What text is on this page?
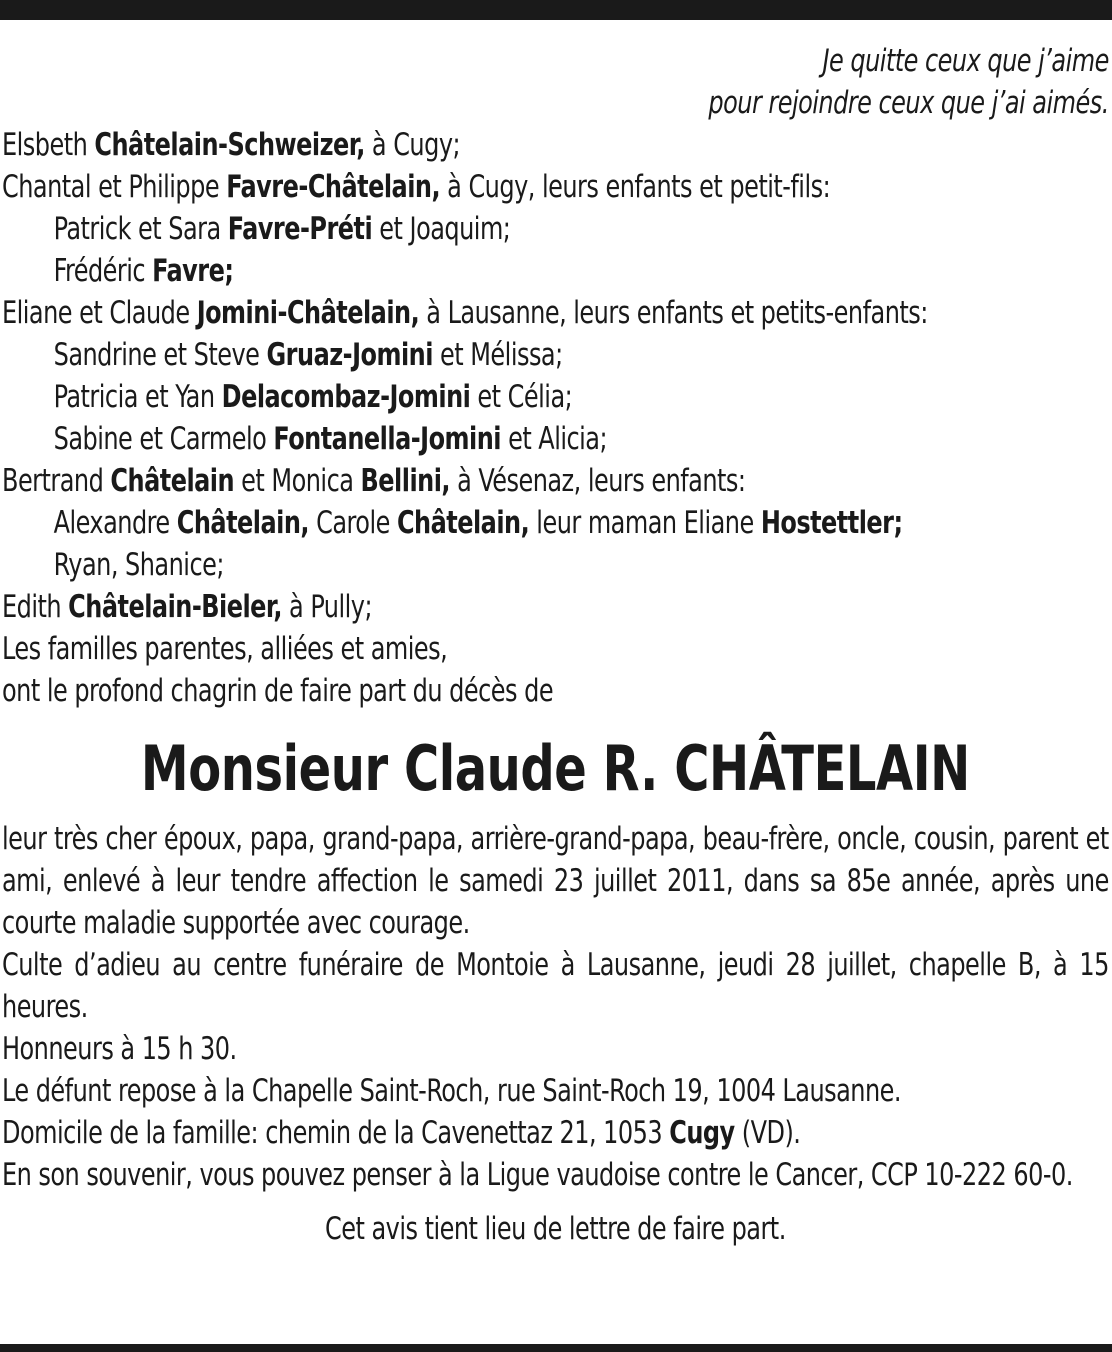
Je quitte ceux que j’aime
pour rejoindre ceux que j’ai aimés.
Elsbeth Châtelain-Schweizer, à Cugy;
Chantal et Philippe Favre-Châtelain, à Cugy, leurs enfants et petit-fils:
Patrick et Sara Favre-Préti et Joaquim;
Frédéric Favre;
Eliane et Claude Jomini-Châtelain, à Lausanne, leurs enfants et petits-enfants:
Sandrine et Steve Gruaz-Jomini et Mélissa;
Patricia et Yan Delacombaz-Jomini et Célia;
Sabine et Carmelo Fontanella-Jomini et Alicia;
Bertrand Châtelain et Monica Bellini, à Vésenaz, leurs enfants:
Alexandre Châtelain, Carole Châtelain, leur maman Eliane Hostettler;
Ryan, Shanice;
Edith Châtelain-Bieler, à Pully;
Les familles parentes, alliées et amies,
ont le profond chagrin de faire part du décès de
Monsieur Claude R. CHÂTELAIN
leur très cher époux, papa, grand-papa, arrière-grand-papa, beau-frère, oncle, cousin, parent et ami, enlevé à leur tendre affection le samedi 23 juillet 2011, dans sa 85e année, après une courte maladie supportée avec courage.
Culte d’adieu au centre funéraire de Montoie à Lausanne, jeudi 28 juillet, chapelle B, à 15 heures.
Honneurs à 15 h 30.
Le défunt repose à la Chapelle Saint-Roch, rue Saint-Roch 19, 1004 Lausanne.
Domicile de la famille: chemin de la Cavenettaz 21, 1053 Cugy (VD).
En son souvenir, vous pouvez penser à la Ligue vaudoise contre le Cancer, CCP 10-222 60-0.
Cet avis tient lieu de lettre de faire part.
